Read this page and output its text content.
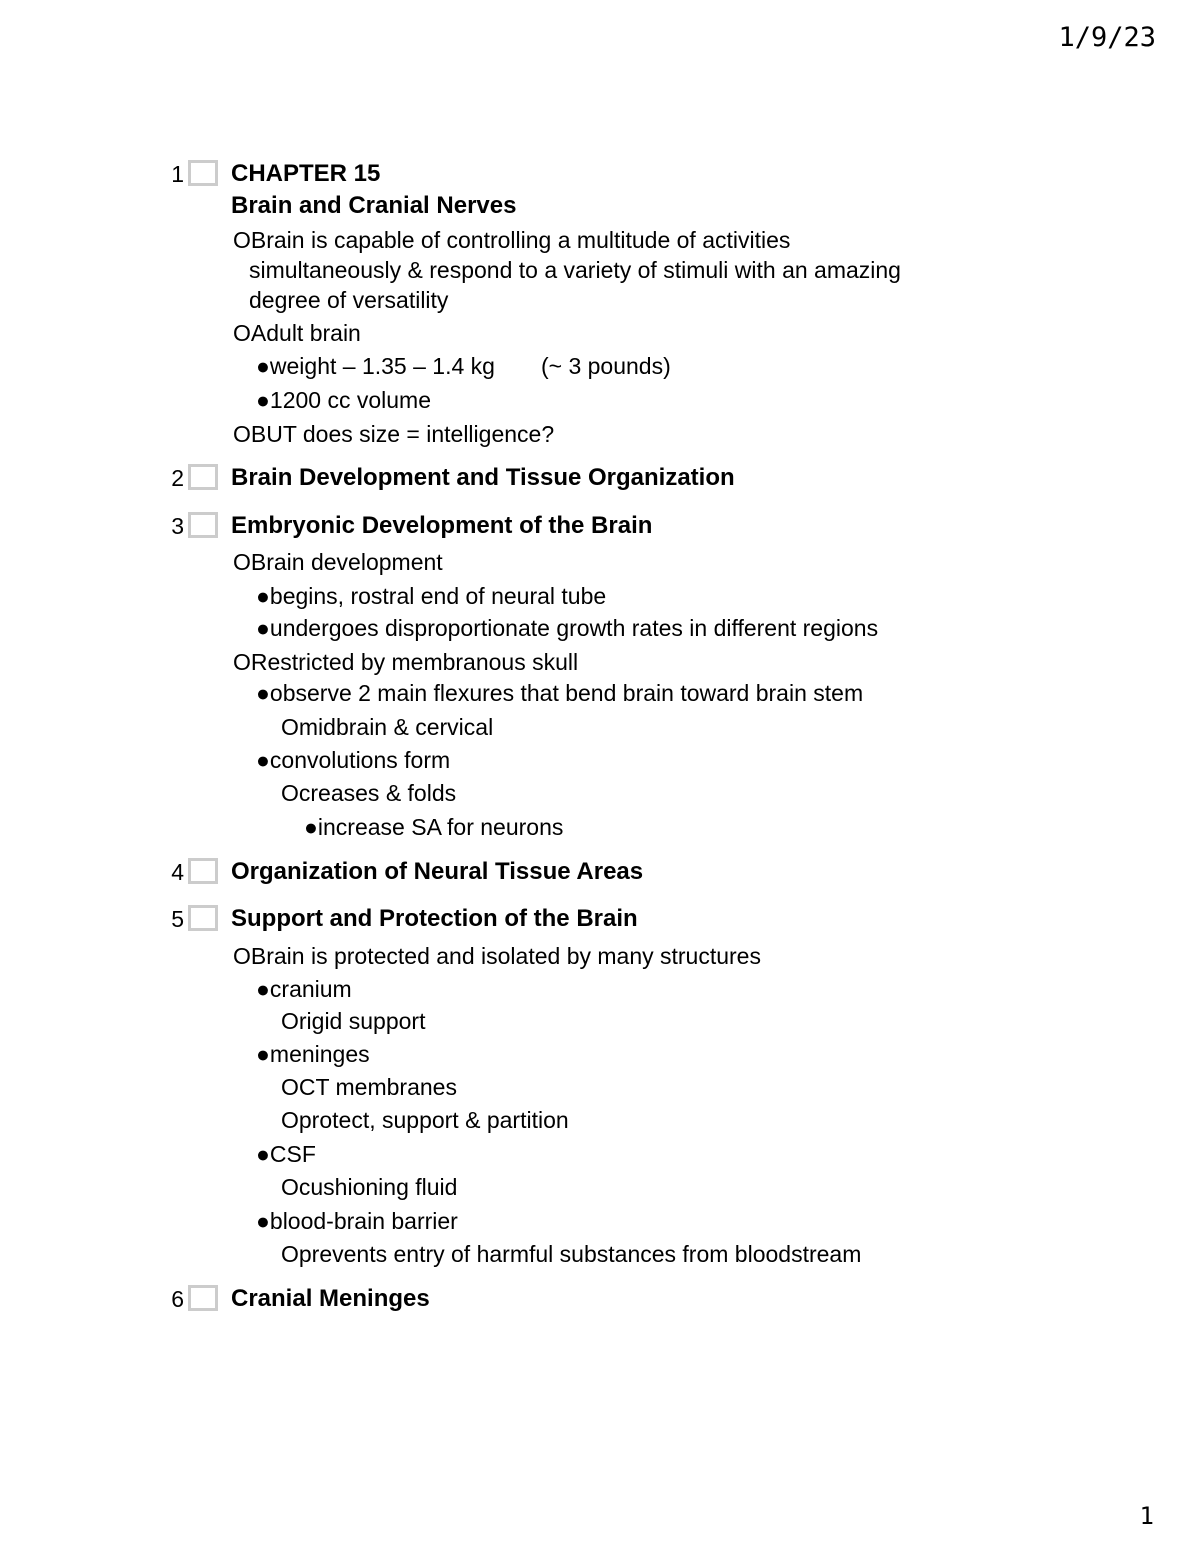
1/9/23
1 CHAPTER 15
Brain and Cranial Nerves
OBrain is capable of controlling a multitude of activities
simultaneously & respond to a variety of stimuli with an amazing
degree of versatility
OAdult brain
●weight – 1.35 – 1.4 kg (~ 3 pounds)
●1200 cc volume
OBUT does size = intelligence?
2 Brain Development and Tissue Organization
3 Embryonic Development of the Brain
OBrain development
●begins, rostral end of neural tube
●undergoes disproportionate growth rates in different regions
ORestricted by membranous skull
●observe 2 main flexures that bend brain toward brain stem
Omidbrain & cervical
●convolutions form
Ocreases & folds
●increase SA for neurons
4 Organization of Neural Tissue Areas
5 Support and Protection of the Brain
OBrain is protected and isolated by many structures
●cranium
Origid support
●meninges
OCT membranes
Oprotect, support & partition
●CSF
Ocushioning fluid
●blood-brain barrier
Oprevents entry of harmful substances from bloodstream
6 Cranial Meninges
1
